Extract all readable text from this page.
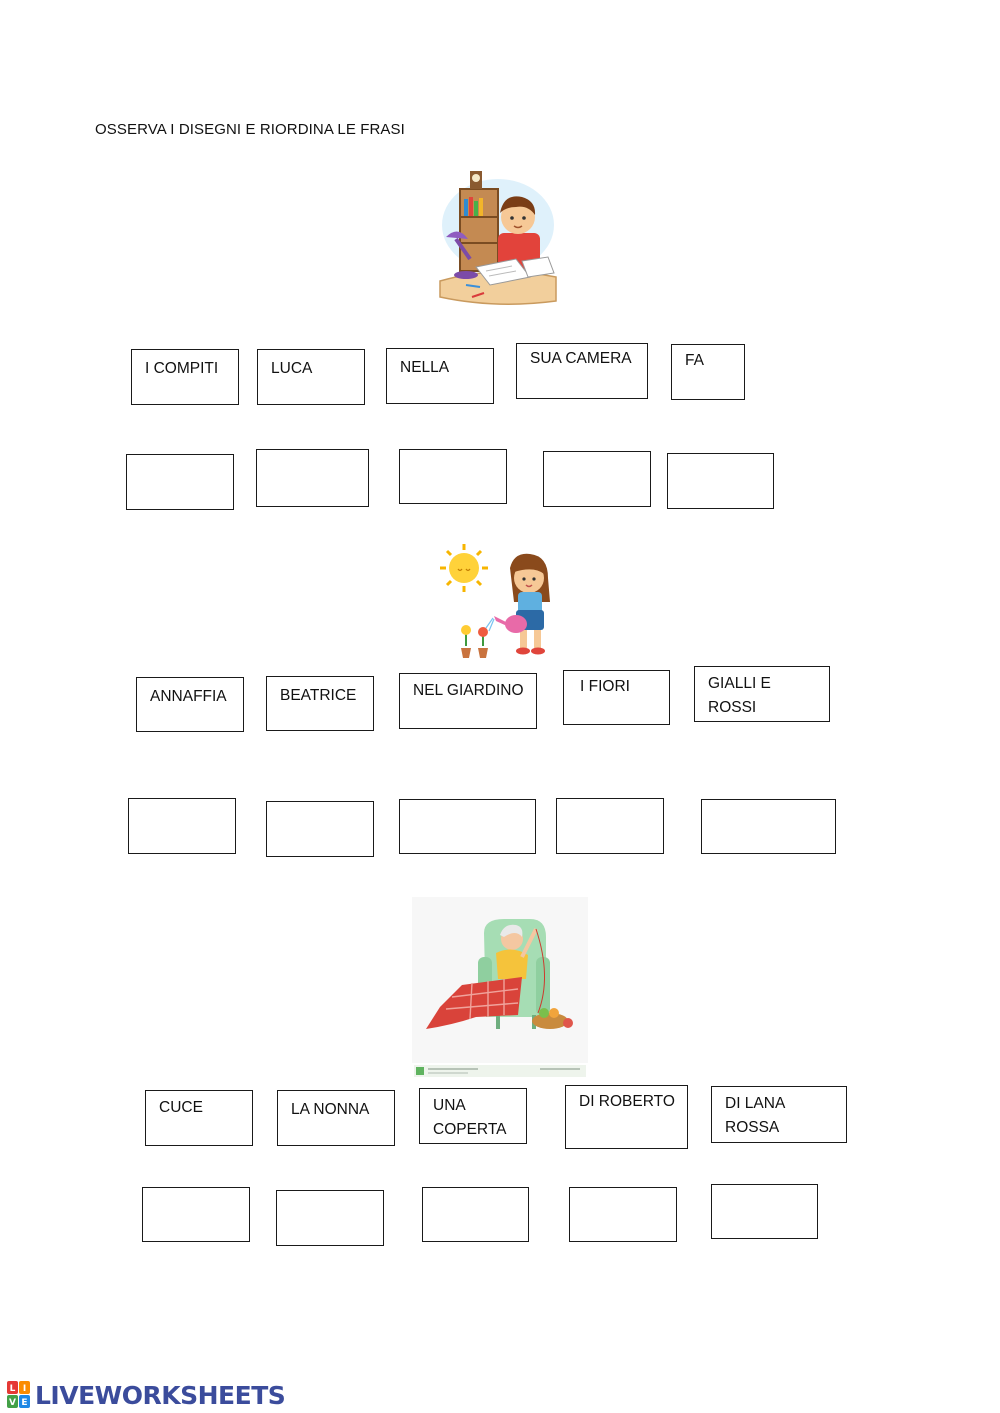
OSSERVA I DISEGNI E RIORDINA LE FRASI
I COMPITI	LUCA	NELLA
SUA CAMERA	FA
ANNAFFIA	BEATRICE	NEL GIARDINO	I FIORI	GIALLI E
ROSSI
CUCE	LA NONNA	UNA
COPERTA
DI ROBERTO	DI LANA
ROSSA
L I
V E LIVEWORKSHEETS
